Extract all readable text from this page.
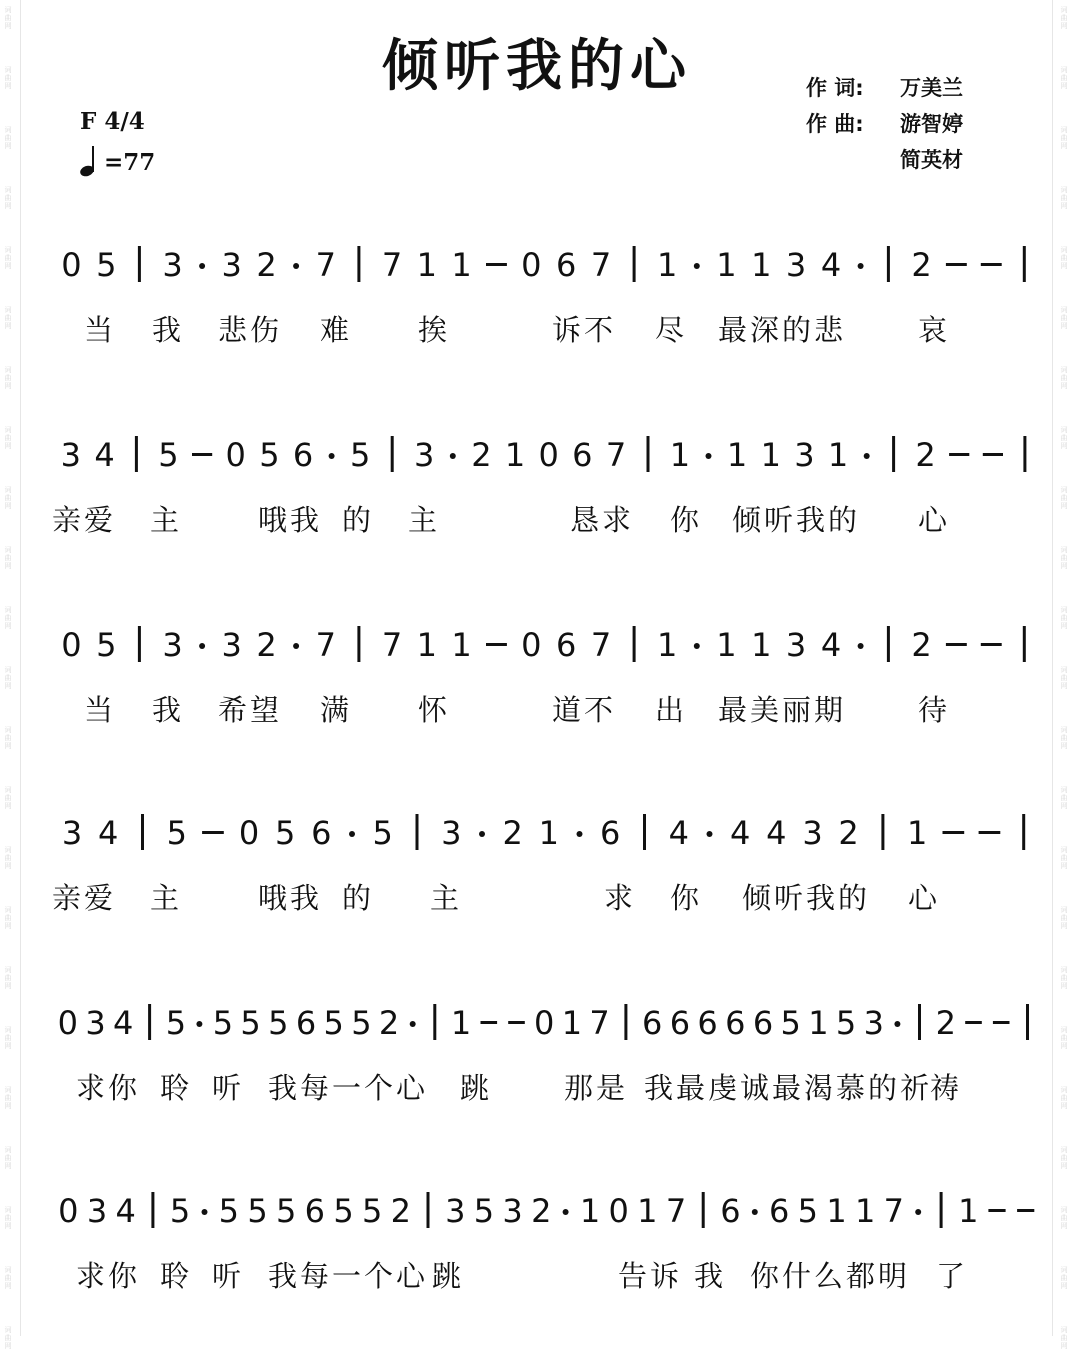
词曲网
词曲网
词曲网
词曲网
词曲网
词曲网
词曲网
词曲网
词曲网
词曲网
词曲网
词曲网
词曲网
词曲网
词曲网
词曲网
词曲网
词曲网
词曲网
词曲网
词曲网
词曲网
词曲网
词曲网
词曲网
词曲网
词曲网
词曲网
词曲网
词曲网
词曲网
词曲网
词曲网
词曲网
词曲网
词曲网
词曲网
词曲网
词曲网
词曲网
词曲网
词曲网
词曲网
词曲网
词曲网
词曲网
倾听我的心	作 词: 万美兰
作 曲: 游智婷
简英材
F 4/4
=77
0 5 3 3 2 7 7 1 1 0 6 7 1 1 1 3 4 2
当 我 悲伤 难 挨	诉不 尽 最深的悲 哀
3 4 5 0 5 6 5 3 2 1 0 6 7 1 1 1 3 1 2
亲爱 主	哦我 的 主	恳求 你 倾听我的 心
0 5 3 3 2 7 7 1 1 0 6 7 1 1 1 3 4 2
当 我 希望 满 怀	道不 出 最美丽期 待
3 4 5 0 5 6 5 3 2 1 6 4 4 4 3 2 1
亲爱 主	哦我 的 主	求 你 倾听我的 心
0 3 4 5 5 5 5 6 5 5 2 1 0 1 7 6 6 6 6 6 5 1 5 3 2
求你 聆 听 我每一个心 跳	那是 我最虔诚最渴慕的祈
祷
0 3 4 5 5 5 5 6 5 5 2 3 5 3 2 1 0 1 7 6 6 5 1 1 7 1
求你 聆 听 我每一个心 跳	告诉 我 你什么都明 了
